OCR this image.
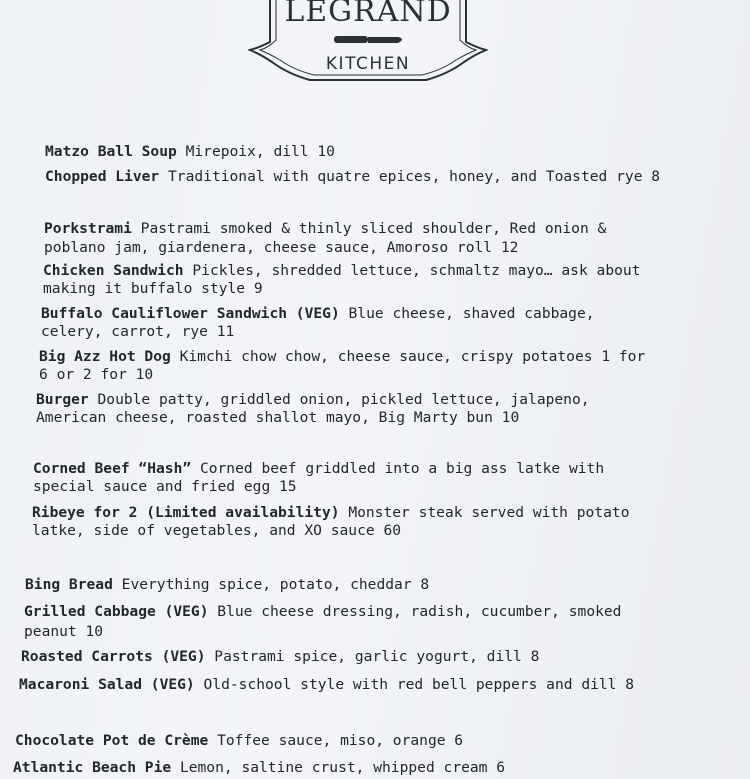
LEGRAND
KITCHEN
Matzo Ball Soup Mirepoix, dill 10
Chopped Liver Traditional with quatre epices, honey, and Toasted rye 8
Porkstrami Pastrami smoked & thinly sliced shoulder, Red onion &
poblano jam, giardenera, cheese sauce, Amoroso roll 12
Chicken Sandwich Pickles, shredded lettuce, schmaltz mayo… ask about
making it buffalo style 9
Buffalo Cauliflower Sandwich (VEG) Blue cheese, shaved cabbage,
celery, carrot, rye 11
Big Azz Hot Dog Kimchi chow chow, cheese sauce, crispy potatoes 1 for
6 or 2 for 10
Burger Double patty, griddled onion, pickled lettuce, jalapeno,
American cheese, roasted shallot mayo, Big Marty bun 10
Corned Beef “Hash” Corned beef griddled into a big ass latke with
special sauce and fried egg 15
Ribeye for 2 (Limited availability) Monster steak served with potato
latke, side of vegetables, and XO sauce 60
Bing Bread Everything spice, potato, cheddar 8
Grilled Cabbage (VEG) Blue cheese dressing, radish, cucumber, smoked
peanut 10
Roasted Carrots (VEG) Pastrami spice, garlic yogurt, dill 8
Macaroni Salad (VEG) Old-school style with red bell peppers and dill 8
Chocolate Pot de Crème Toffee sauce, miso, orange 6
Atlantic Beach Pie Lemon, saltine crust, whipped cream 6
